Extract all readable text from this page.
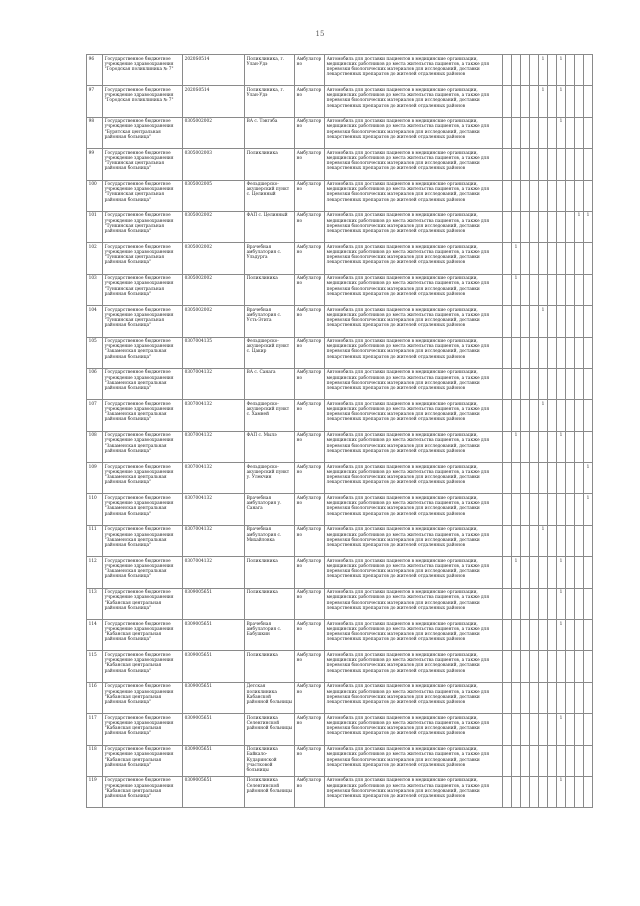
15
96	Государственное бюджетное учреждение здравоохранения "Городская поликлиника № 7"	2020S0514	Поликлиника, г. Улан-Удэ	Амбулаторно	Автомобиль для доставки пациентов в медицинские организации, медицинских работников до места жительства пациентов, а также для перевозки биологических материалов для исследований, доставки лекарственных препаратов до жителей отдаленных районов					1		1			
97	Государственное бюджетное учреждение здравоохранения "Городская поликлиника № 7"	2020S0514	Поликлиника, г. Улан-Удэ	Амбулаторно	Автомобиль для доставки пациентов в медицинские организации, медицинских работников до места жительства пациентов, а также для перевозки биологических материалов для исследований, доставки лекарственных препаратов до жителей отдаленных районов					1		1			
98	Государственное бюджетное учреждение здравоохранения "Бурятская центральная районная больница"	0305002002	ВА с. Тэнгэба	Амбулаторно	Автомобиль для доставки пациентов в медицинские организации, медицинских работников до места жительства пациентов, а также для перевозки биологических материалов для исследований, доставки лекарственных препаратов до жителей отдаленных районов							1			
99	Государственное бюджетное учреждение здравоохранения "Тункинская центральная районная больница"	0305002003	Поликлиника	Амбулаторно	Автомобиль для доставки пациентов в медицинские организации, медицинских работников до места жительства пациентов, а также для перевозки биологических материалов для исследований, доставки лекарственных препаратов до жителей отдаленных районов										
100	Государственное бюджетное учреждение здравоохранения "Тункинская центральная районная больница"	0305002005	Фельдшерско-акушерский пункт с. Целинный	Амбулаторно	Автомобиль для доставки пациентов в медицинские организации, медицинских работников до места жительства пациентов, а также для перевозки биологических материалов для исследований, доставки лекарственных препаратов до жителей отдаленных районов										
101	Государственное бюджетное учреждение здравоохранения "Тункинская центральная районная больница"	0305002002	ФАП с. Целинный	Амбулаторно	Автомобиль для доставки пациентов в медицинские организации, медицинских работников до места жительства пациентов, а также для перевозки биологических материалов для исследований, доставки лекарственных препаратов до жителей отдаленных районов									1	1
102	Государственное бюджетное учреждение здравоохранения "Тункинская центральная районная больница"	0305002002	Врачебная амбулатория с. Ульдурга	Амбулаторно	Автомобиль для доставки пациентов в медицинские организации, медицинских работников до места жительства пациентов, а также для перевозки биологических материалов для исследований, доставки лекарственных препаратов до жителей отдаленных районов		1								
103	Государственное бюджетное учреждение здравоохранения "Тункинская центральная районная больница"	0305002002	Поликлиника	Амбулаторно	Автомобиль для доставки пациентов в медицинские организации, медицинских работников до места жительства пациентов, а также для перевозки биологических материалов для исследований, доставки лекарственных препаратов до жителей отдаленных районов		1								
104	Государственное бюджетное учреждение здравоохранения "Тункинская центральная районная больница"	0305002002	Врачебная амбулатория с. Усть-Эгита	Амбулаторно	Автомобиль для доставки пациентов в медицинские организации, медицинских работников до места жительства пациентов, а также для перевозки биологических материалов для исследований, доставки лекарственных препаратов до жителей отдаленных районов					1					
105	Государственное бюджетное учреждение здравоохранения "Закаменская центральная районная больница"	0307004135	Фельдшерско-акушерский пункт с. Цакир	Амбулаторно	Автомобиль для доставки пациентов в медицинские организации, медицинских работников до места жительства пациентов, а также для перевозки биологических материалов для исследований, доставки лекарственных препаратов до жителей отдаленных районов										
106	Государственное бюджетное учреждение здравоохранения "Закаменская центральная районная больница"	0307004132	ВА с. Санага	Амбулаторно	Автомобиль для доставки пациентов в медицинские организации, медицинских работников до места жительства пациентов, а также для перевозки биологических материалов для исследований, доставки лекарственных препаратов до жителей отдаленных районов										
107	Государственное бюджетное учреждение здравоохранения "Закаменская центральная районная больница"	0307004132	Фельдшерско-акушерский пункт с. Хамней	Амбулаторно	Автомобиль для доставки пациентов в медицинские организации, медицинских работников до места жительства пациентов, а также для перевозки биологических материалов для исследований, доставки лекарственных препаратов до жителей отдаленных районов					1					
108	Государственное бюджетное учреждение здравоохранения "Закаменская центральная районная больница"	0307004132	ФАП с. Мылэ	Амбулаторно	Автомобиль для доставки пациентов в медицинские организации, медицинских работников до места жительства пациентов, а также для перевозки биологических материалов для исследований, доставки лекарственных препаратов до жителей отдаленных районов		1					1			
109	Государственное бюджетное учреждение здравоохранения "Закаменская центральная районная больница"	0307004132	Фельдшерско-акушерский пункт у. Улекчин	Амбулаторно	Автомобиль для доставки пациентов в медицинские организации, медицинских работников до места жительства пациентов, а также для перевозки биологических материалов для исследований, доставки лекарственных препаратов до жителей отдаленных районов										1
110	Государственное бюджетное учреждение здравоохранения "Закаменская центральная районная больница"	0307004132	Врачебная амбулатория у. Санага	Амбулаторно	Автомобиль для доставки пациентов в медицинские организации, медицинских работников до места жительства пациентов, а также для перевозки биологических материалов для исследований, доставки лекарственных препаратов до жителей отдаленных районов										1
111	Государственное бюджетное учреждение здравоохранения "Закаменская центральная районная больница"	0307004132	Врачебная амбулатория с. Михайловка	Амбулаторно	Автомобиль для доставки пациентов в медицинские организации, медицинских работников до места жительства пациентов, а также для перевозки биологических материалов для исследований, доставки лекарственных препаратов до жителей отдаленных районов					1					
112	Государственное бюджетное учреждение здравоохранения "Закаменская центральная районная больница"	0307004132	Поликлиника	Амбулаторно	Автомобиль для доставки пациентов в медицинские организации, медицинских работников до места жительства пациентов, а также для перевозки биологических материалов для исследований, доставки лекарственных препаратов до жителей отдаленных районов		1					1			
113	Государственное бюджетное учреждение здравоохранения "Кабанская центральная районная больница"	0309005651	Поликлиника	Амбулаторно	Автомобиль для доставки пациентов в медицинские организации, медицинских работников до места жительства пациентов, а также для перевозки биологических материалов для исследований, доставки лекарственных препаратов до жителей отдаленных районов							1			
114	Государственное бюджетное учреждение здравоохранения "Кабанская центральная районная больница"	0309005651	Врачебная амбулатория с. Бабушкин	Амбулаторно	Автомобиль для доставки пациентов в медицинские организации, медицинских работников до места жительства пациентов, а также для перевозки биологических материалов для исследований, доставки лекарственных препаратов до жителей отдаленных районов							1			
115	Государственное бюджетное учреждение здравоохранения "Кабанская центральная районная больница"	0309005651	Поликлиника	Амбулаторно	Автомобиль для доставки пациентов в медицинские организации, медицинских работников до места жительства пациентов, а также для перевозки биологических материалов для исследований, доставки лекарственных препаратов до жителей отдаленных районов										
116	Государственное бюджетное учреждение здравоохранения "Кабанская центральная районная больница"	0309005651	Детская поликлиника Кабанской районной больницы	Амбулаторно	Автомобиль для доставки пациентов в медицинские организации, медицинских работников до места жительства пациентов, а также для перевозки биологических материалов для исследований, доставки лекарственных препаратов до жителей отдаленных районов										
117	Государственное бюджетное учреждение здравоохранения "Кабанская центральная районная больница"	0309005651	Поликлиника Селенгинской районной больницы	Амбулаторно	Автомобиль для доставки пациентов в медицинские организации, медицинских работников до места жительства пациентов, а также для перевозки биологических материалов для исследований, доставки лекарственных препаратов до жителей отдаленных районов							1			
118	Государственное бюджетное учреждение здравоохранения "Кабанская центральная районная больница"	0309005651	Поликлиника Байкало-Кударинской участковой больницы	Амбулаторно	Автомобиль для доставки пациентов в медицинские организации, медицинских работников до места жительства пациентов, а также для перевозки биологических материалов для исследований, доставки лекарственных препаратов до жителей отдаленных районов										
119	Государственное бюджетное учреждение здравоохранения "Кабанская центральная районная больница"	0309005651	Поликлиника Селенгинской районной больницы	Амбулаторно	Автомобиль для доставки пациентов в медицинские организации, медицинских работников до места жительства пациентов, а также для перевозки биологических материалов для исследований, доставки лекарственных препаратов до жителей отдаленных районов							1			
